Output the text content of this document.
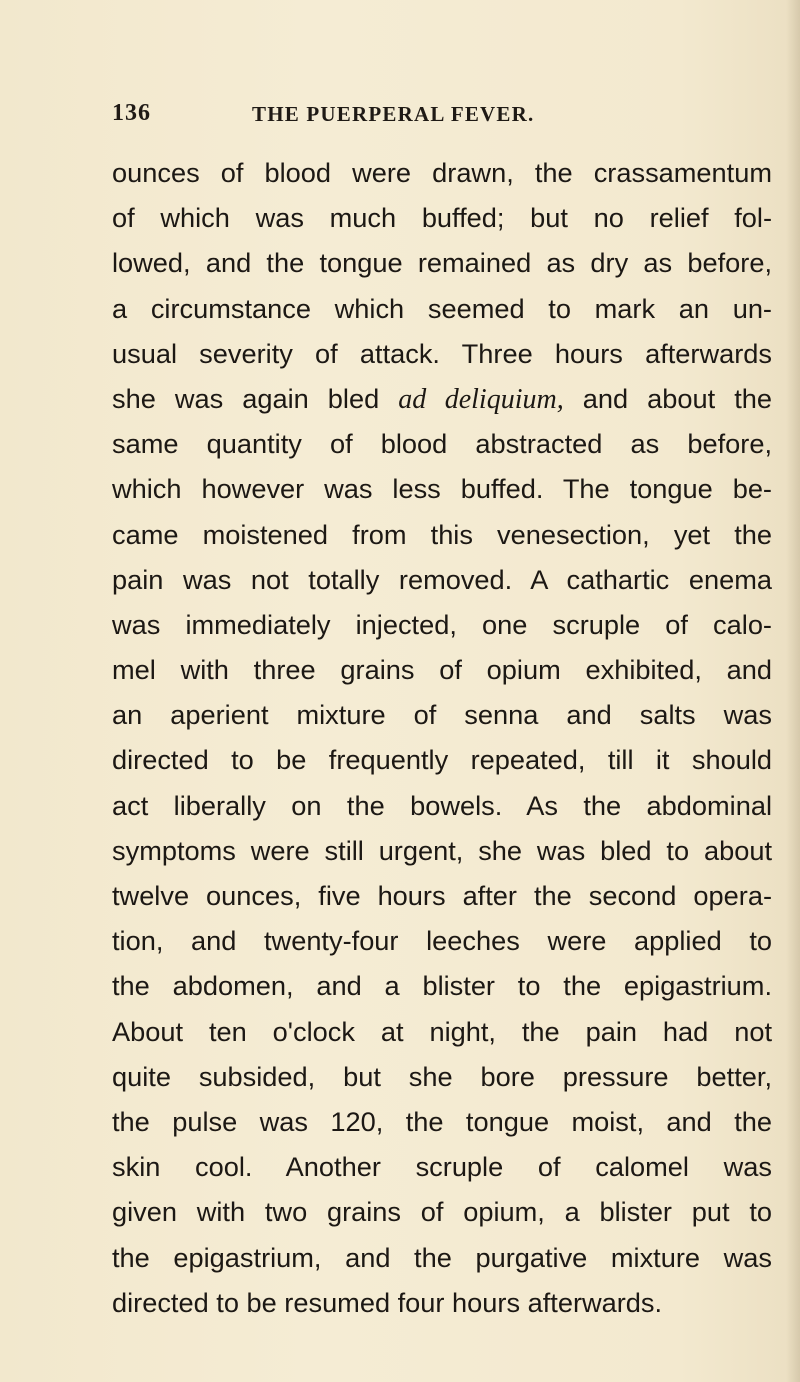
136	THE PUERPERAL FEVER.
ounces of blood were drawn, the crassamentum
of which was much buffed; but no relief fol-
lowed, and the tongue remained as dry as before,
a circumstance which seemed to mark an un-
usual severity of attack. Three hours afterwards
she was again bled ad deliquium, and about the
same quantity of blood abstracted as before,
which however was less buffed. The tongue be-
came moistened from this venesection, yet the
pain was not totally removed. A cathartic enema
was immediately injected, one scruple of calo-
mel with three grains of opium exhibited, and
an aperient mixture of senna and salts was
directed to be frequently repeated, till it should
act liberally on the bowels. As the abdominal
symptoms were still urgent, she was bled to about
twelve ounces, five hours after the second opera-
tion, and twenty-four leeches were applied to
the abdomen, and a blister to the epigastrium.
About ten o'clock at night, the pain had not
quite subsided, but she bore pressure better,
the pulse was 120, the tongue moist, and the
skin cool. Another scruple of calomel was
given with two grains of opium, a blister put to
the epigastrium, and the purgative mixture was
directed to be resumed four hours afterwards.
